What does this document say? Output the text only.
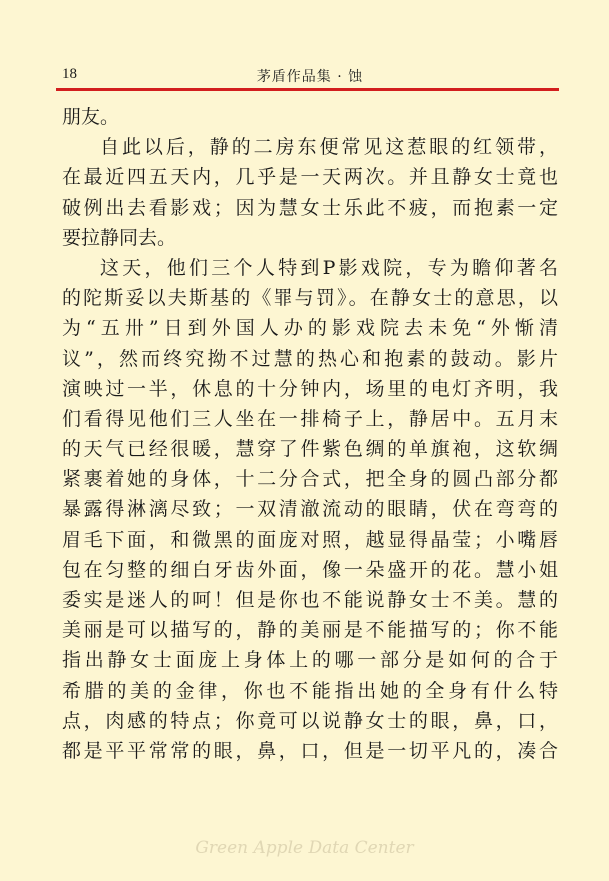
18	茅盾作品集 · 蚀
朋友。
自此以后，静的二房东便常见这惹眼的红领带，
在最近四五天内，几乎是一天两次。并且静女士竟也
破例出去看影戏；因为慧女士乐此不疲，而抱素一定
要拉静同去。
这天，他们三个人特到P影戏院，专为瞻仰著名
的陀斯妥以夫斯基的《罪与罚》。在静女士的意思，以
为“五卅”日到外国人办的影戏院去未免“外惭清
议”，然而终究拗不过慧的热心和抱素的鼓动。影片
演映过一半，休息的十分钟内，场里的电灯齐明，我
们看得见他们三人坐在一排椅子上，静居中。五月末
的天气已经很暖，慧穿了件紫色绸的单旗袍，这软绸
紧裹着她的身体，十二分合式，把全身的圆凸部分都
暴露得淋漓尽致；一双清澈流动的眼睛，伏在弯弯的
眉毛下面，和微黑的面庞对照，越显得晶莹；小嘴唇
包在匀整的细白牙齿外面，像一朵盛开的花。慧小姐
委实是迷人的呵！但是你也不能说静女士不美。慧的
美丽是可以描写的，静的美丽是不能描写的；你不能
指出静女士面庞上身体上的哪一部分是如何的合于
希腊的美的金律，你也不能指出她的全身有什么特
点，肉感的特点；你竟可以说静女士的眼，鼻，口，
都是平平常常的眼，鼻，口，但是一切平凡的，凑合
Green Apple Data Center
